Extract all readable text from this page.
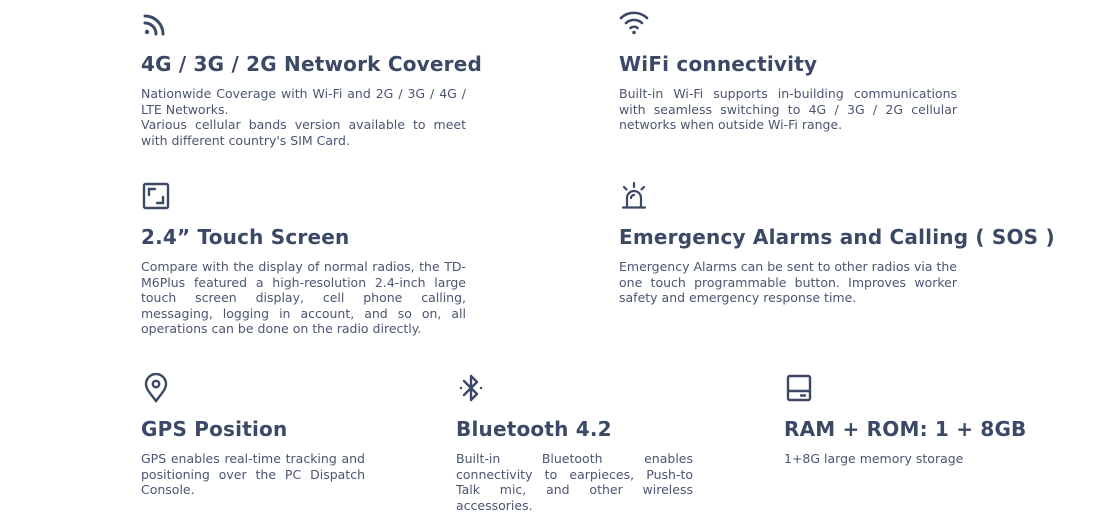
4G / 3G / 2G Network Covered

Nationwide Coverage with Wi-Fi and 2G / 3G / 4G / LTE Networks.
Various cellular bands version available to meet with different country's SIM Card.

WiFi connectivity

Built-in Wi-Fi supports in-building communications with seamless switching to 4G / 3G / 2G cellular networks when outside Wi-Fi range.

2.4” Touch Screen

Compare with the display of normal radios, the TD-M6Plus featured a high-resolution 2.4-inch large touch screen display, cell phone calling, messaging, logging in account, and so on, all operations can be done on the radio directly.

Emergency Alarms and Calling ( SOS )

Emergency Alarms can be sent to other radios via the one touch programmable button. Improves worker safety and emergency response time.

GPS Position

GPS enables real-time tracking and positioning over the PC Dispatch Console.

Bluetooth 4.2

Built-in Bluetooth enables connectivity to earpieces, Push-to Talk mic, and other wireless accessories.

RAM + ROM: 1 + 8GB

1+8G large memory storage
